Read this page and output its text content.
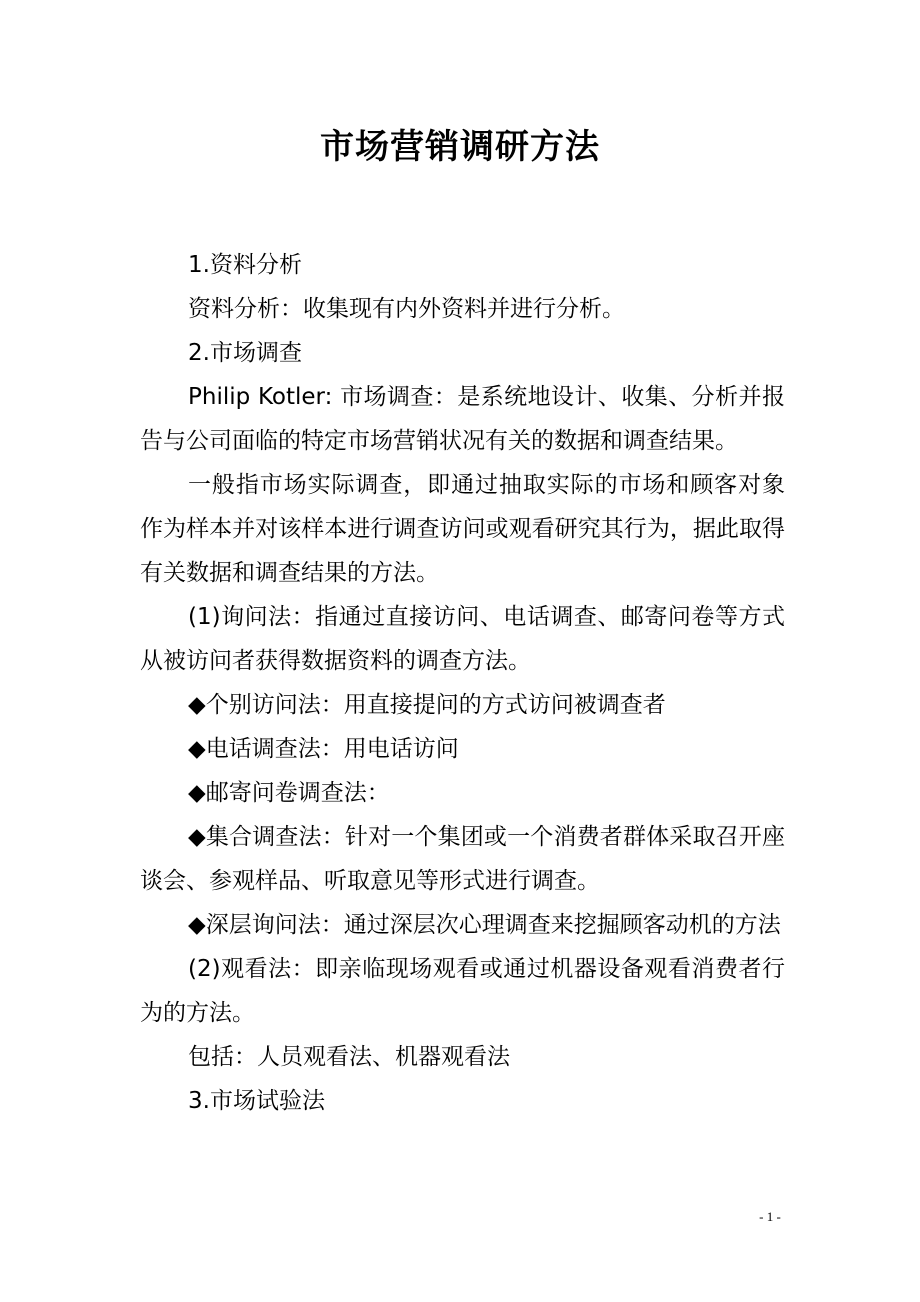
市场营销调研方法

1.资料分析

资料分析：收集现有内外资料并进行分析。

2.市场调查

Philip Kotler: 市场调查：是系统地设计、收集、分析并报告与公司面临的特定市场营销状况有关的数据和调查结果。

一般指市场实际调查，即通过抽取实际的市场和顾客对象作为样本并对该样本进行调查访问或观看研究其行为，据此取得有关数据和调查结果的方法。

(1)询问法：指通过直接访问、电话调查、邮寄问卷等方式从被访问者获得数据资料的调查方法。

◆个别访问法：用直接提问的方式访问被调查者

◆电话调查法：用电话访问

◆邮寄问卷调查法：

◆集合调查法：针对一个集团或一个消费者群体采取召开座谈会、参观样品、听取意见等形式进行调查。

◆深层询问法：通过深层次心理调查来挖掘顾客动机的方法

(2)观看法：即亲临现场观看或通过机器设备观看消费者行为的方法。

包括：人员观看法、机器观看法

3.市场试验法

- 1 -
